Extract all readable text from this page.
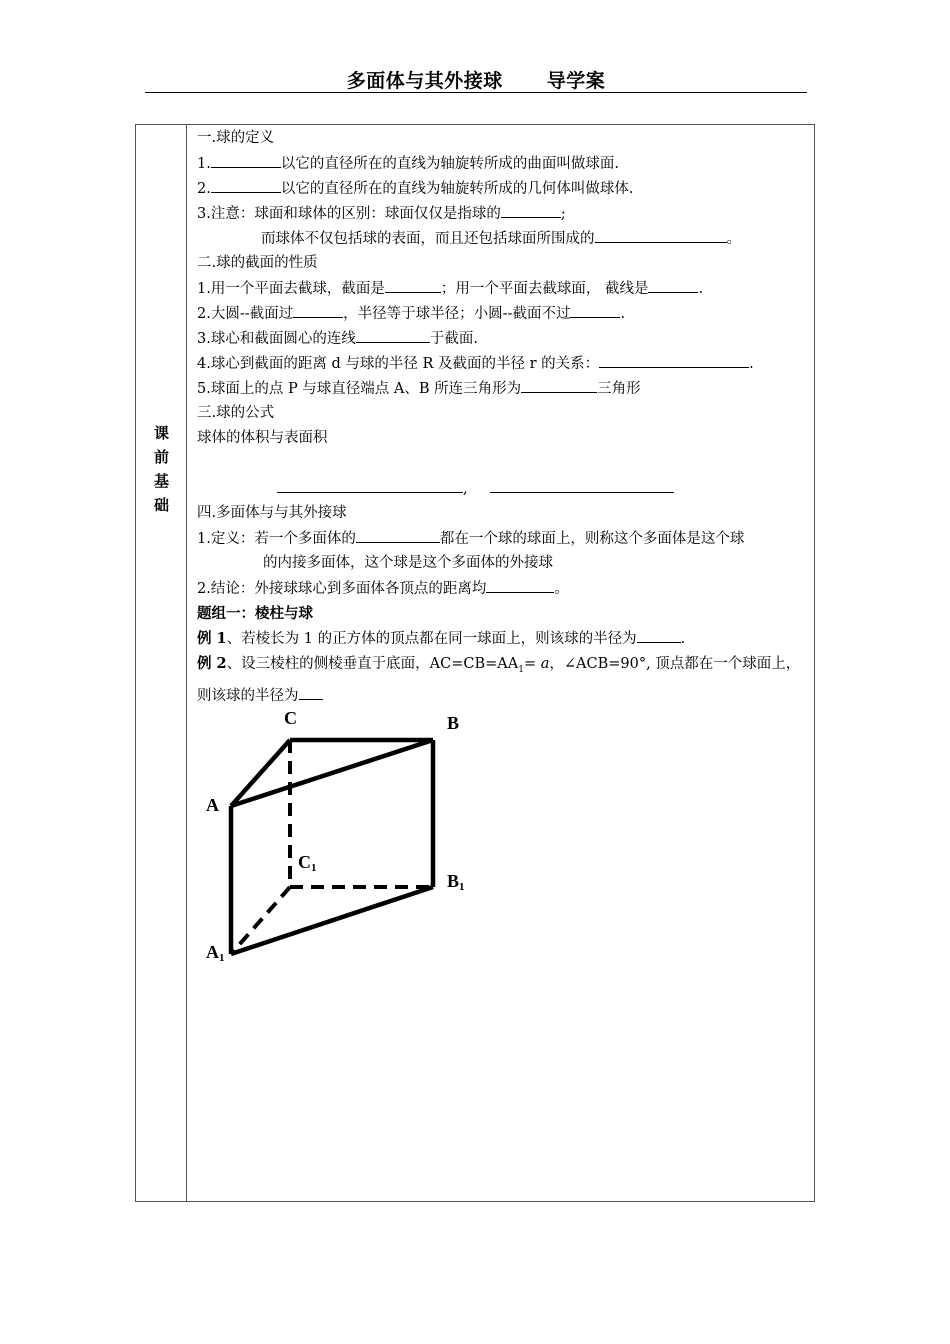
多面体与其外接球 导学案
课
前
基
础
一.球的定义
1.	以它的直径所在的直线为轴旋转所成的曲面叫做球面.
2.	以它的直径所在的直线为轴旋转所成的几何体叫做球体.
3.注意：球面和球体的区别：球面仅仅是指球的	;
而球体不仅包括球的表面，而且还包括球面所围成的	。
二.球的截面的性质
1.用一个平面去截球，截面是	；用一个平面去截球面， 截线是	.
2.大圆--截面过	，半径等于球半径；小圆--截面不过	.
3.球心和截面圆心的连线	于截面.
4.球心到截面的距离 d 与球的半径 R 及截面的半径 r 的关系：	.
5.球面上的点 P 与球直径端点 A、B 所连三角形为	三角形
三.球的公式
球体的体积与表面积
,
四.多面体与与其外接球
1.定义：若一个多面体的	都在一个球的球面上，则称这个多面体是这个球
的内接多面体，这个球是这个多面体的外接球
2.结论：外接球球心到多面体各顶点的距离均	。
题组一：棱柱与球
例 1、若棱长为 1 的正方体的顶点都在同一球面上，则该球的半径为	.
例 2、设三棱柱的侧棱垂直于底面，$AC=CB=AA_1= a$，∠ACB=90°, 顶点都在一个球面上，则该球的半径为
C	B
A
C1
B1
A1
